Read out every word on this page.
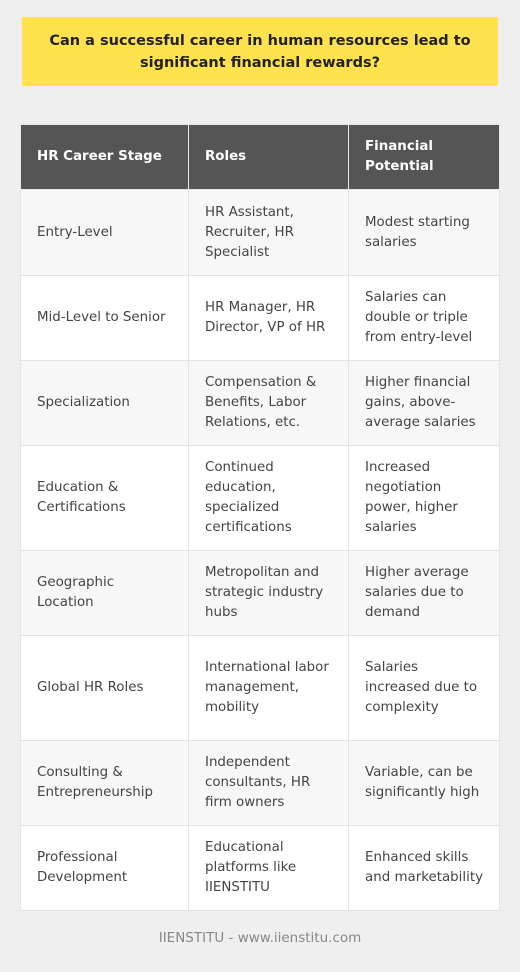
Can a successful career in human resources lead to significant financial rewards?
HR Career Stage	Roles	Financial Potential
Entry-Level	HR Assistant, Recruiter, HR Specialist	Modest starting salaries
Mid-Level to Senior	HR Manager, HR Director, VP of HR	Salaries can double or triple from entry-level
Specialization	Compensation & Benefits, Labor Relations, etc.	Higher financial gains, above-average salaries
Education & Certifications	Continued education, specialized certifications	Increased negotiation power, higher salaries
Geographic Location	Metropolitan and strategic industry hubs	Higher average salaries due to demand
Global HR Roles	International labor management, mobility	Salaries increased due to complexity
Consulting & Entrepreneurship	Independent consultants, HR firm owners	Variable, can be significantly high
Professional Development	Educational platforms like IIENSTITU	Enhanced skills and marketability
IIENSTITU - www.iienstitu.com
